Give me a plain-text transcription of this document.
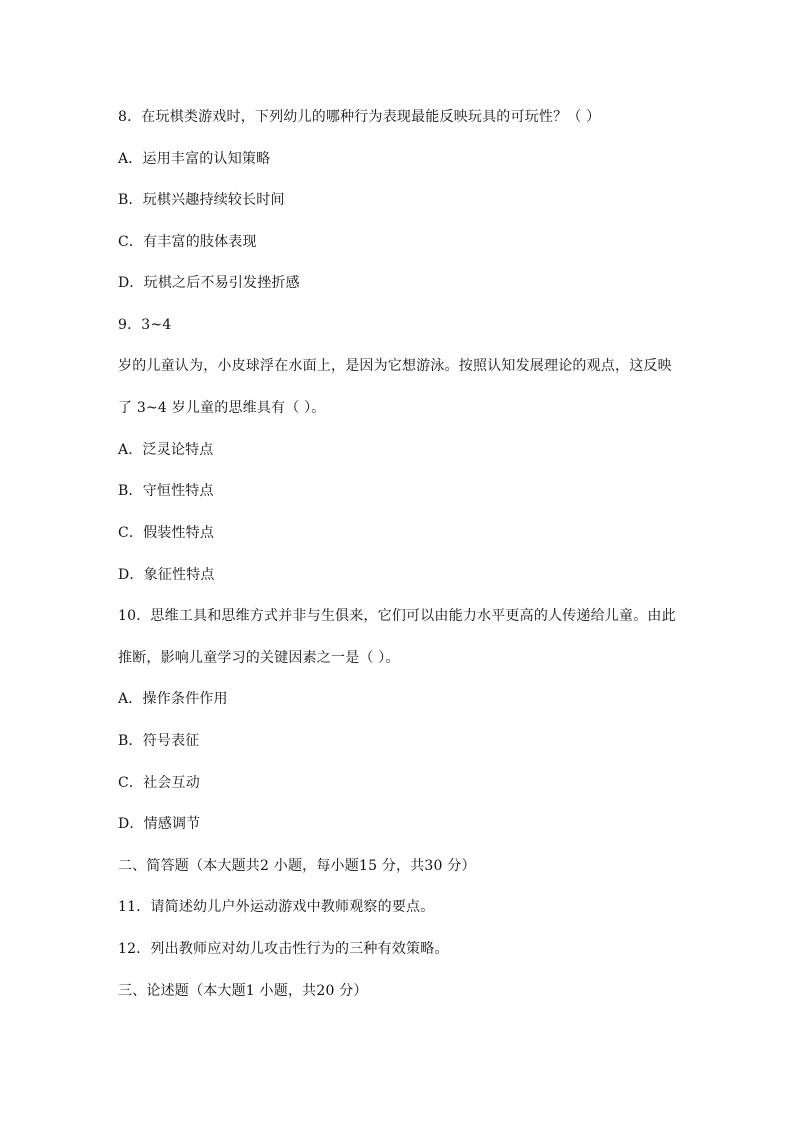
8．在玩棋类游戏时，下列幼儿的哪种行为表现最能反映玩具的可玩性？（ ）
A．运用丰富的认知策略
B．玩棋兴趣持续较长时间
C．有丰富的肢体表现
D．玩棋之后不易引发挫折感
9．3~4
岁的儿童认为，小皮球浮在水面上，是因为它想游泳。按照认知发展理论的观点，这反映
了 3~4 岁儿童的思维具有（ ）。
A．泛灵论特点
B．守恒性特点
C．假装性特点
D．象征性特点
10．思维工具和思维方式并非与生俱来，它们可以由能力水平更高的人传递给儿童。由此
推断，影响儿童学习的关键因素之一是（ ）。
A．操作条件作用
B．符号表征
C．社会互动
D．情感调节
二、简答题（本大题共2 小题，每小题15 分，共30 分）
11．请简述幼儿户外运动游戏中教师观察的要点。
12．列出教师应对幼儿攻击性行为的三种有效策略。
三、论述题（本大题1 小题，共20 分）
